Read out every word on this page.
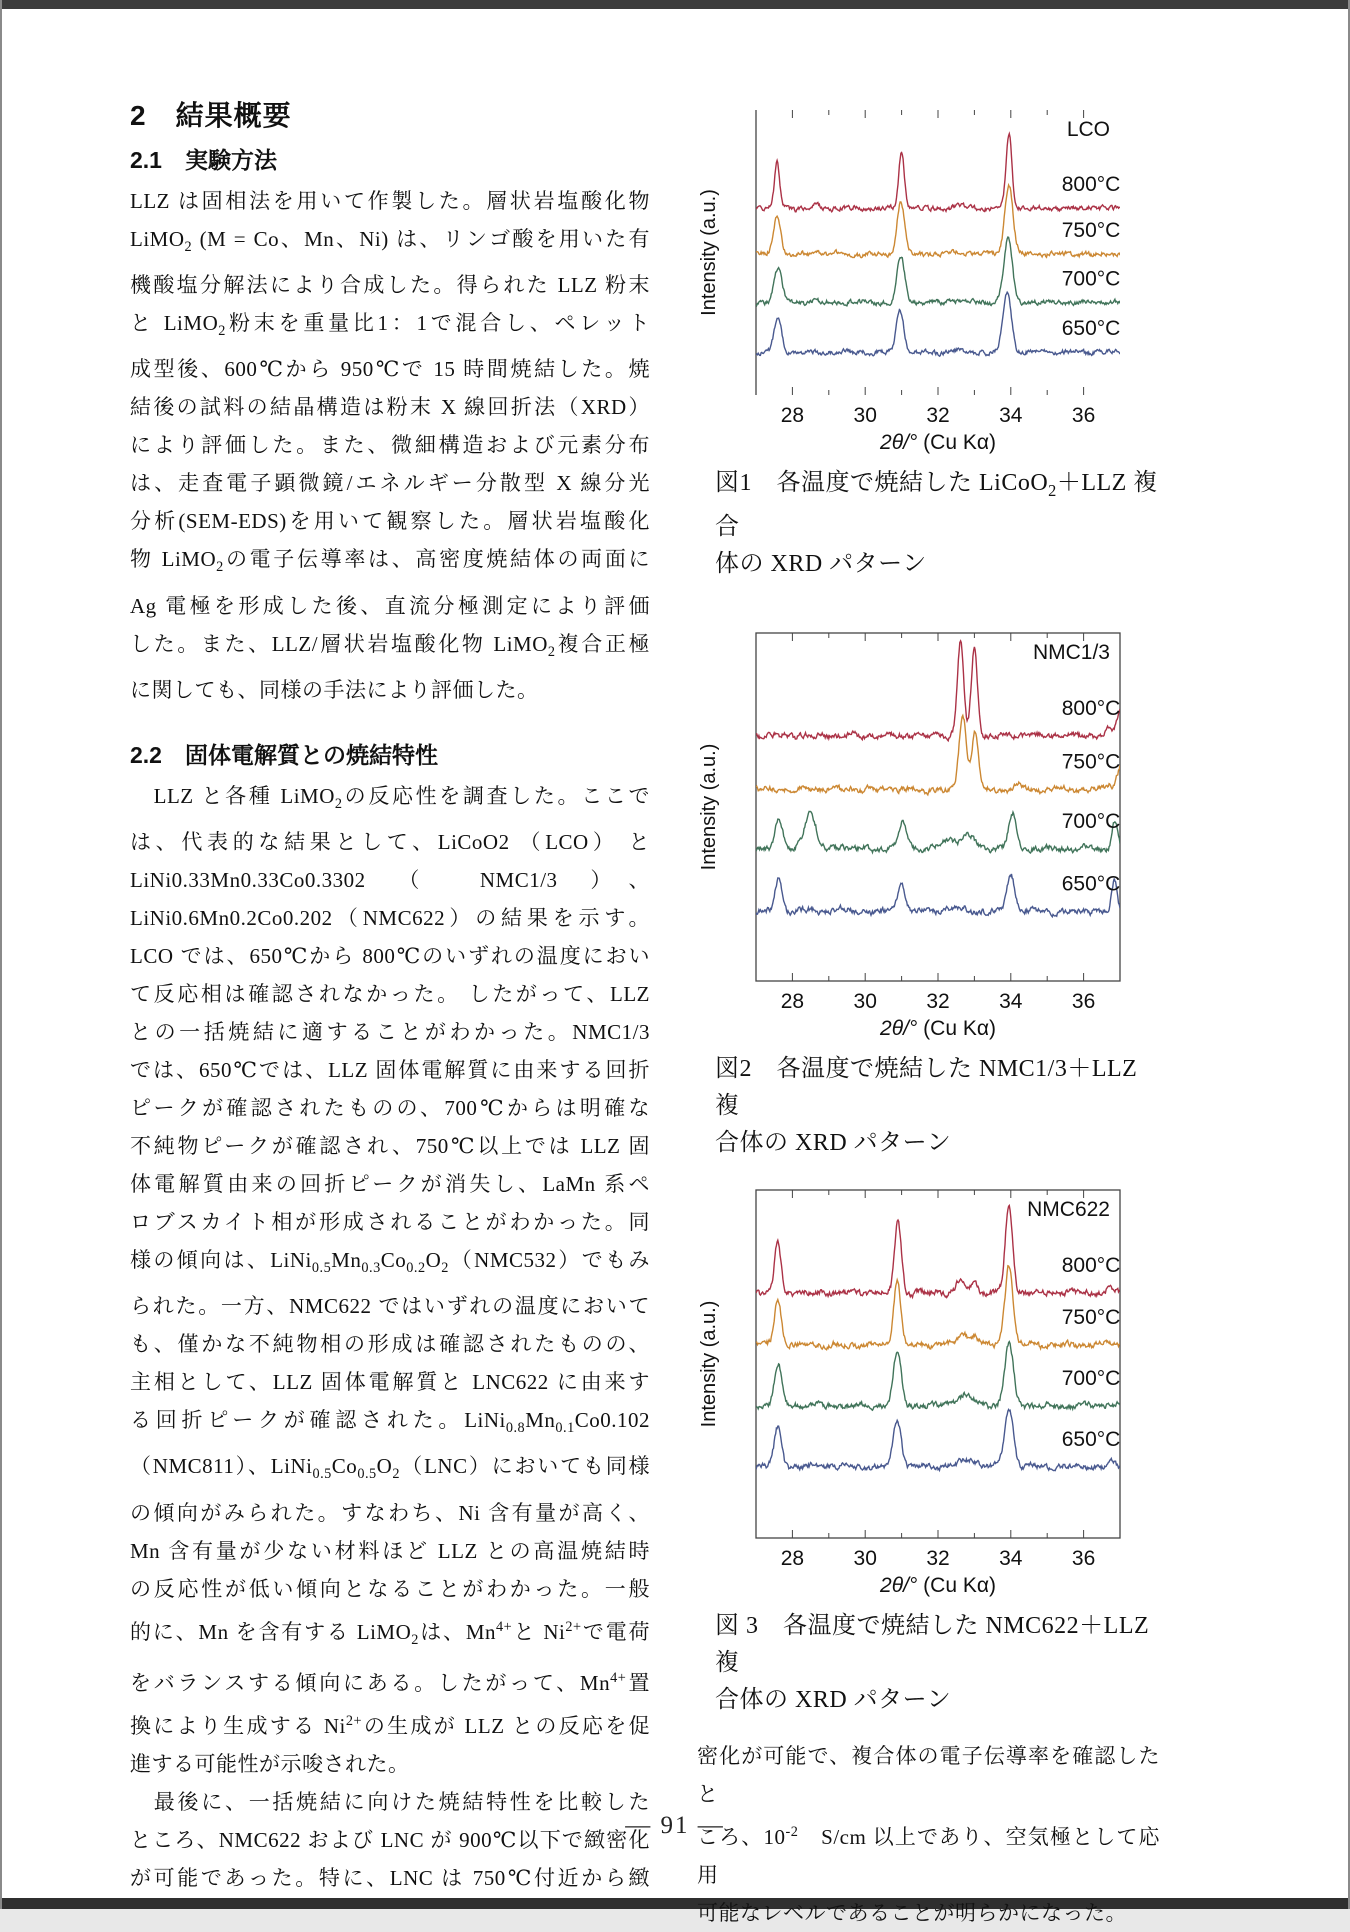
2　結果概要
2.1　実験方法
LLZ は固相法を用いて作製した。層状岩塩酸化物
LiMO$_2$ (M = Co、Mn、Ni) は、リンゴ酸を用いた有
機酸塩分解法により合成した。得られた LLZ 粉末
と LiMO$_2$粉末を重量比1：1で混合し、ペレット
成型後、600℃から 950℃で 15 時間焼結した。焼
結後の試料の結晶構造は粉末 X 線回折法（XRD）
により評価した。また、微細構造および元素分布
は、走査電子顕微鏡/エネルギー分散型 X 線分光
分析(SEM-EDS)を用いて観察した。層状岩塩酸化
物 LiMO$_2$の電子伝導率は、高密度焼結体の両面に
Ag 電極を形成した後、直流分極測定により評価
した。また、LLZ/層状岩塩酸化物 LiMO$_2$複合正極
に関しても、同様の手法により評価した。
2.2　固体電解質との焼結特性
　LLZ と各種 LiMO$_2$の反応性を調査した。ここで
は、代表的な結果として、LiCoO2 （LCO） と
LiNi0.33Mn0.33Co0.3302 （ NMC1/3 ）、
LiNi0.6Mn0.2Co0.202（NMC622）の結果を示す。
LCO では、650℃から 800℃のいずれの温度におい
て反応相は確認されなかった。 したがって、LLZ
との一括焼結に適することがわかった。NMC1/3
では、650℃では、LLZ 固体電解質に由来する回折
ピークが確認されたものの、700℃からは明確な
不純物ピークが確認され、750℃以上では LLZ 固
体電解質由来の回折ピークが消失し、LaMn 系ペ
ロブスカイト相が形成されることがわかった。同
様の傾向は、$LiNi_{0.5}Mn_{0.3}Co_{0.2}O_2(NMC532)$でもみ
られた。一方、NMC622 ではいずれの温度において
も、僅かな不純物相の形成は確認されたものの、
主相として、LLZ 固体電解質と LNC622 に由来す
る回折ピークが確認された。$LiNi_{0.8}Mn_{0.1}Co0.102$
（NMC811）、$LiNi_{0.5}Co_{0.5}O_2(LNC)$においても同様
の傾向がみられた。すなわち、Ni 含有量が高く、
Mn 含有量が少ない材料ほど LLZ との高温焼結時
の反応性が低い傾向となることがわかった。一般
的に、Mn を含有する LiMO$_2$は、$Mn^{4+}$と $Ni^{2+}$で電荷
をバランスする傾向にある。したがって、$Mn^{4+}$置
換により生成する $Ni^{2+}$の生成が LLZ との反応を促
進する可能性が示唆された。
　最後に、一括焼結に向けた焼結特性を比較した
ところ、NMC622 および LNC が 900℃以下で緻密化
が可能であった。特に、LNC は 750℃付近から緻
28 30 32 34 36
2θ/° (Cu Kα)
Intensity (a.u.)
LCO
800°C
750°C
700°C
650°C
図1　各温度で焼結した LiCoO$_2$＋LLZ 複合
体の XRD パターン
28 30 32 34 36
2θ/° (Cu Kα)
Intensity (a.u.)
NMC1/3
800°C
750°C
700°C
650°C
図2　各温度で焼結した NMC1/3＋LLZ 複
合体の XRD パターン
28 30 32 34 36
2θ/° (Cu Kα)
Intensity (a.u.)
NMC622
800°C
750°C
700°C
650°C
図 3　各温度で焼結した NMC622＋LLZ 複
合体の XRD パターン
密化が可能で、複合体の電子伝導率を確認したと
ころ、$10^{-2}$　S/cm 以上であり、空気極として応用
可能なレベルであることが明らかになった。
— 91 —
